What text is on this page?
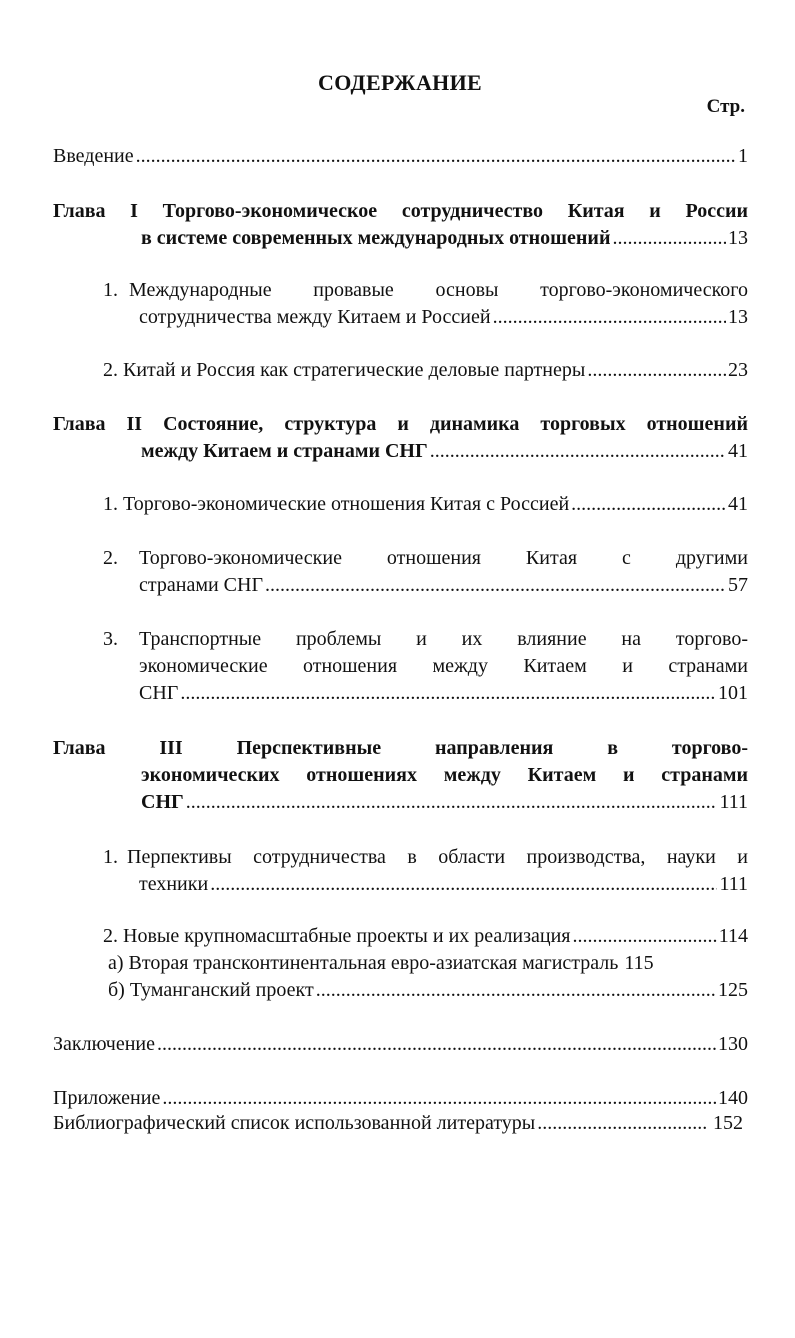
СОДЕРЖАНИЕ
Стр.
Введение .....	1
Глава I Торгово-экономическое сотрудничество Китая и России
в системе современных международных отношений .....	13
1. Международные провавые основы торгово-экономического
сотрудничества между Китаем и Россией .....	13
2. Китай и Россия как стратегические деловые партнеры .....	23
Глава II Состояние, структура и динамика торговых отношений
между Китаем и странами СНГ .....	41
1. Торгово-экономические отношения Китая с Россией .....	41
2.	Торгово-экономические отношения Китая с другими
странами СНГ .....	57
3.	Транспортные проблемы и их влияние на торгово-
экономические отношения между Китаем и странами
СНГ .....	101
Глава III Перспективные направления в торгово-
экономических отношениях между Китаем и странами
СНГ .....	111
1. Перпективы сотрудничества в области производства, науки и
техники .....	111
2. Новые крупномасштабные проекты и их реализация .....	114
а) Вторая трансконтинентальная евро-азиатская магистраль 115
б) Туманганский проект .....	125
Заключение .....	130
Приложение .....	140
Библиографический список использованной литературы .....	152
